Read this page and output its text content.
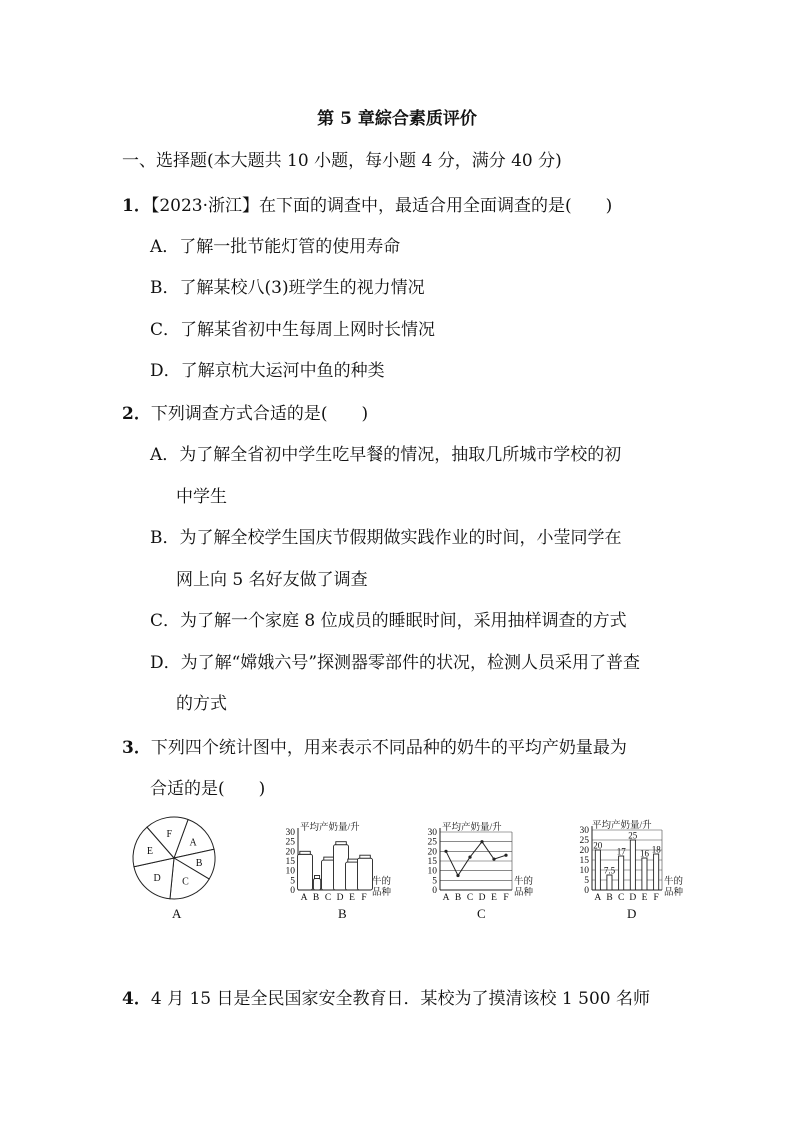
第 5 章綜合素质评价
一、选择题(本大题共 10 小题，每小题 4 分，满分 40 分)
1．【2023·浙江】在下面的调查中，最适合用全面调查的是(　　)
A．了解一批节能灯管的使用寿命
B．了解某校八(3)班学生的视力情况
C．了解某省初中生每周上网时长情况
D．了解京杭大运河中鱼的种类
2．下列调查方式合适的是(　　)
A．为了解全省初中学生吃早餐的情况，抽取几所城市学校的初
中学生
B．为了解全校学生国庆节假期做实践作业的时间，小莹同学在
网上向 5 名好友做了调查
C．为了解一个家庭 8 位成员的睡眠时间，采用抽样调查的方式
D．为了解“嫦娥六号”探测器零部件的状况，检测人员采用了普查
的方式
3．下列四个统计图中，用来表示不同品种的奶牛的平均产奶量最为
合适的是(　　)
A
B
C
D
E
F
0
5
10
15
20
25
30 平均产奶量/升
牛的
品种
A B C D E F
0
5
10
15
20
25
30 平均产奶量/升
牛的
品种
A B C D E F
0
5
10
15
20
25
30 平均产奶量/升
牛的
品种
20
A
7.5
B
17
C
25
D
16
E
18
F
A	B	C	D
4．4 月 15 日是全民国家安全教育日．某校为了摸清该校 1 500 名师
